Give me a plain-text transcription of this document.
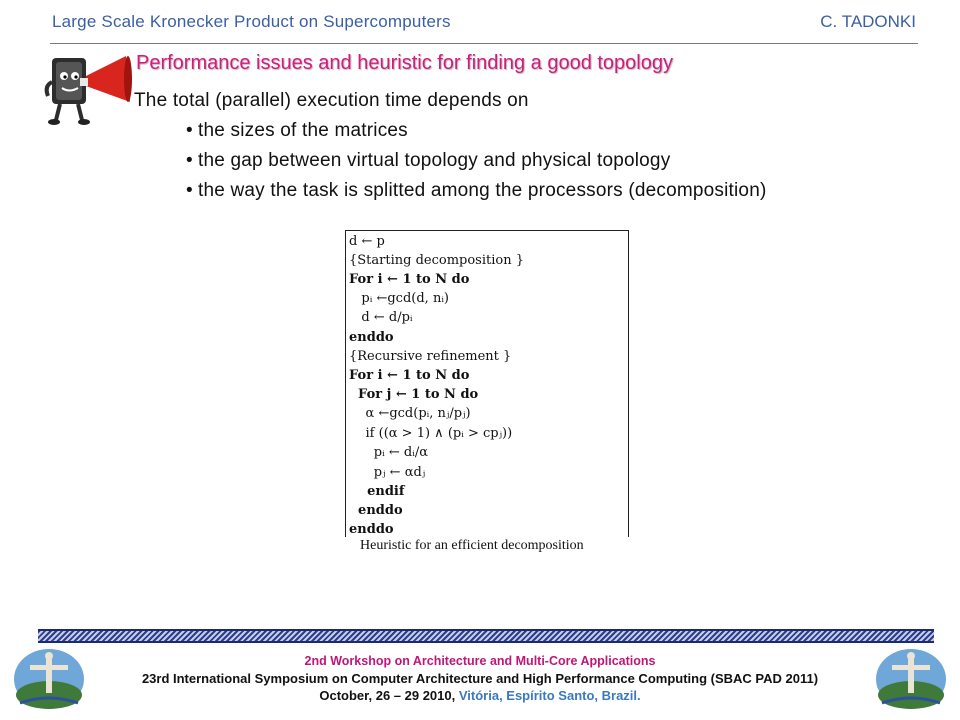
Large Scale Kronecker Product on Supercomputers	C. TADONKI
Performance issues and heuristic for finding a good topology
The total (parallel) execution time depends on
• the sizes of the matrices
• the gap between virtual topology and physical topology
• the way the task is splitted among the processors (decomposition)
d ← p
{Starting decomposition }
For i ← 1 to N do
pᵢ ←gcd(d, nᵢ)
d ← d/pᵢ
enddo
{Recursive refinement }
For i ← 1 to N do
For j ← 1 to N do
α ←gcd(pᵢ, nⱼ/pⱼ)
if ((α > 1) ∧ (pᵢ > cpⱼ))
pᵢ ← dᵢ/α
pⱼ ← αdⱼ
endif
enddo
enddo
Heuristic for an efficient decomposition
2nd Workshop on Architecture and Multi-Core Applications
23rd International Symposium on Computer Architecture and High Performance Computing (SBAC PAD 2011)
October, 26 – 29 2010, Vitória, Espírito Santo, Brazil.
